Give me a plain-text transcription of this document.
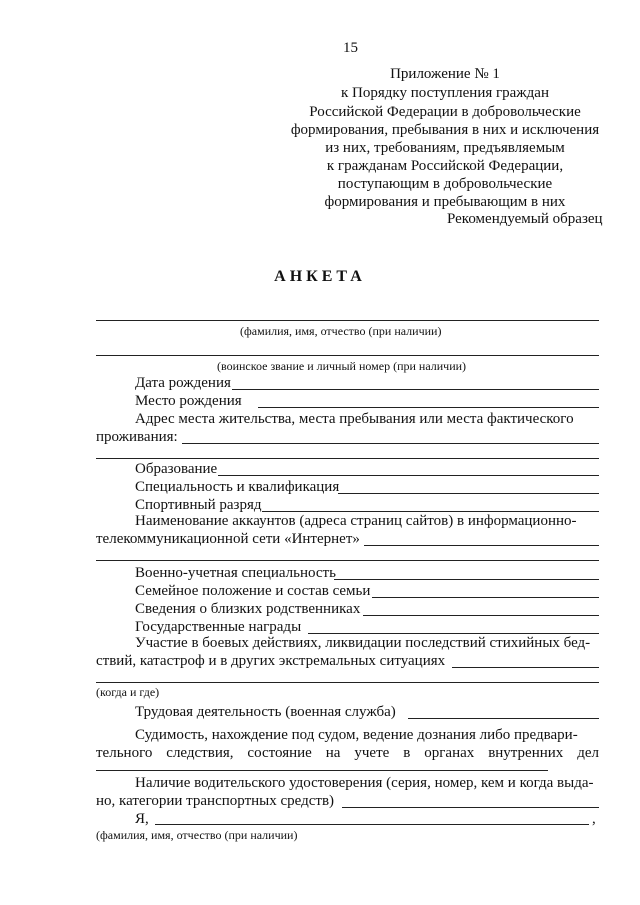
15
Приложение № 1
к Порядку поступления граждан
Российской Федерации в добровольческие
формирования, пребывания в них и исключения
из них, требованиям, предъявляемым
к гражданам Российской Федерации,
поступающим в добровольческие
формирования и пребывающим в них
Рекомендуемый образец
АНКЕТА
(фамилия, имя, отчество (при наличии)
(воинское звание и личный номер (при наличии)
Дата рождения
Место рождения
Адрес места жительства, места пребывания или места фактического
проживания:
Образование
Специальность и квалификация
Спортивный разряд
Наименование аккаунтов (адреса страниц сайтов) в информационно-
телекоммуникационной сети «Интернет»
Военно-учетная специальность
Семейное положение и состав семьи
Сведения о близких родственниках
Государственные награды
Участие в боевых действиях, ликвидации последствий стихийных бед-
ствий, катастроф и в других экстремальных ситуациях
(когда и где)
Трудовая деятельность (военная служба)
Судимость, нахождение под судом, ведение дознания либо предвари-
тельного следствия, состояние на учете в органах внутренних дел
Наличие водительского удостоверения (серия, номер, кем и когда выда-
но, категории транспортных средств)
Я,	,
(фамилия, имя, отчество (при наличии)
